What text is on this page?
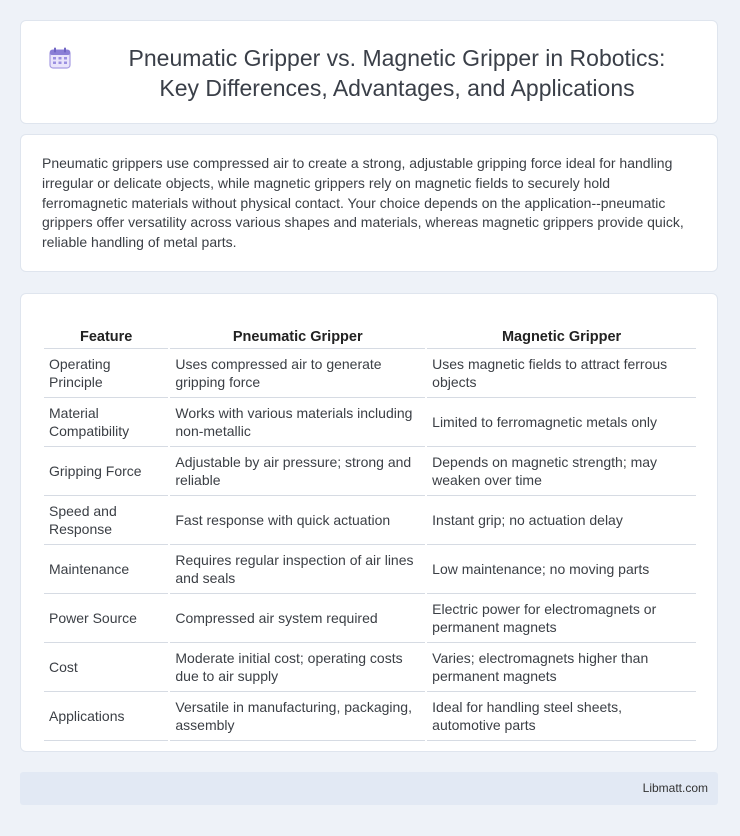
Pneumatic Gripper vs. Magnetic Gripper in Robotics: Key Differences, Advantages, and Applications
Pneumatic grippers use compressed air to create a strong, adjustable gripping force ideal for handling irregular or delicate objects, while magnetic grippers rely on magnetic fields to securely hold ferromagnetic materials without physical contact. Your choice depends on the application--pneumatic grippers offer versatility across various shapes and materials, whereas magnetic grippers provide quick, reliable handling of metal parts.
Feature	Pneumatic Gripper	Magnetic Gripper
Operating Principle	Uses compressed air to generate gripping force	Uses magnetic fields to attract ferrous objects
Material Compatibility	Works with various materials including non-metallic	Limited to ferromagnetic metals only
Gripping Force	Adjustable by air pressure; strong and reliable	Depends on magnetic strength; may weaken over time
Speed and Response	Fast response with quick actuation	Instant grip; no actuation delay
Maintenance	Requires regular inspection of air lines and seals	Low maintenance; no moving parts
Power Source	Compressed air system required	Electric power for electromagnets or permanent magnets
Cost	Moderate initial cost; operating costs due to air supply	Varies; electromagnets higher than permanent magnets
Applications	Versatile in manufacturing, packaging, assembly	Ideal for handling steel sheets, automotive parts
Libmatt.com
